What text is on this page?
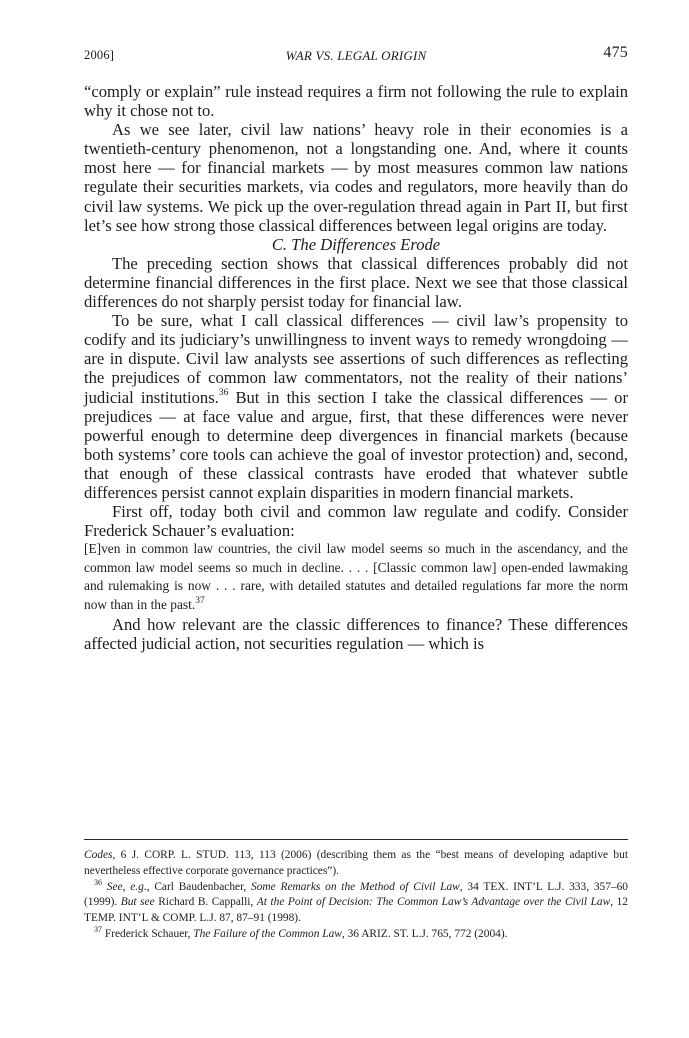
2006]	WAR VS. LEGAL ORIGIN	475

“comply or explain” rule instead requires a firm not following the rule to explain why it chose not to.

As we see later, civil law nations’ heavy role in their economies is a twentieth-century phenomenon, not a longstanding one. And, where it counts most here — for financial markets — by most measures common law nations regulate their securities markets, via codes and regulators, more heavily than do civil law systems. We pick up the over-regulation thread again in Part II, but first let’s see how strong those classical differences between legal origins are today.

C. The Differences Erode

The preceding section shows that classical differences probably did not determine financial differences in the first place. Next we see that those classical differences do not sharply persist today for financial law.

To be sure, what I call classical differences — civil law’s propensity to codify and its judiciary’s unwillingness to invent ways to remedy wrongdoing — are in dispute. Civil law analysts see assertions of such differences as reflecting the prejudices of common law commentators, not the reality of their nations’ judicial institutions.$^{36}$ But in this section I take the classical differences — or prejudices — at face value and argue, first, that these differences were never powerful enough to determine deep divergences in financial markets (because both systems’ core tools can achieve the goal of investor protection) and, second, that enough of these classical contrasts have eroded that whatever subtle differences persist cannot explain disparities in modern financial markets.

First off, today both civil and common law regulate and codify. Consider Frederick Schauer’s evaluation:

[E]ven in common law countries, the civil law model seems so much in the ascendancy, and the common law model seems so much in decline. . . . [Classic common law] open-ended lawmaking and rulemaking is now . . . rare, with detailed statutes and detailed regulations far more the norm now than in the past.$^{37}$

And how relevant are the classic differences to finance? These differences affected judicial action, not securities regulation — which is

Codes, 6 J. CORP. L. STUD. 113, 113 (2006) (describing them as the “best means of developing adaptive but nevertheless effective corporate governance practices”).

$^{36}$ See, e.g., Carl Baudenbacher, Some Remarks on the Method of Civil Law, 34 TEX. INT’L L.J. 333, 357–60 (1999). But see Richard B. Cappalli, At the Point of Decision: The Common Law’s Advantage over the Civil Law, 12 TEMP. INT’L & COMP. L.J. 87, 87–91 (1998).

$^{37}$ Frederick Schauer, The Failure of the Common Law, 36 ARIZ. ST. L.J. 765, 772 (2004).
